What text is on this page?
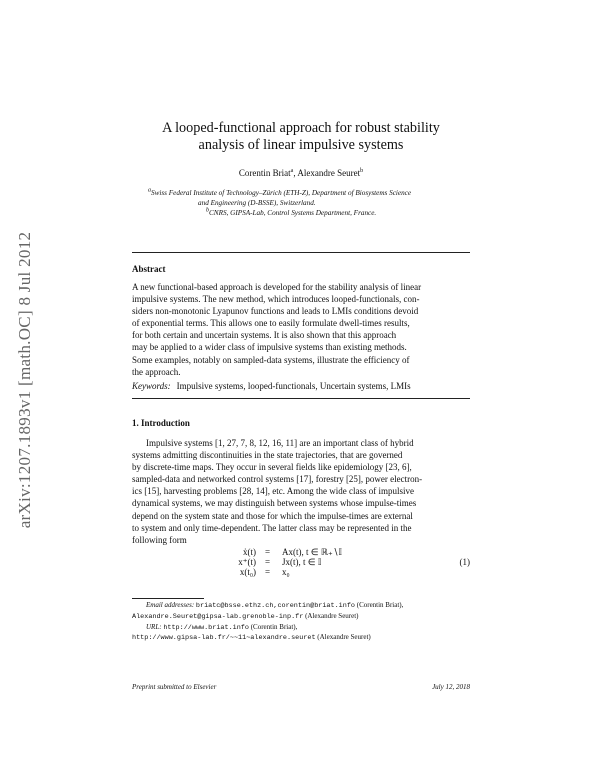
arXiv:1207.1893v1 [math.OC] 8 Jul 2012
A looped-functional approach for robust stability
analysis of linear impulsive systems
Corentin Briat$^a$, Alexandre Seuret$^b$
$^a$Swiss Federal Institute of Technology–Zürich (ETH-Z), Department of Biosystems Science
and Engineering (D-BSSE), Switzerland.
$^b$CNRS, GIPSA-Lab, Control Systems Department, France.
Abstract
A new functional-based approach is developed for the stability analysis of linear
impulsive systems. The new method, which introduces looped-functionals, con-
siders non-monotonic Lyapunov functions and leads to LMIs conditions devoid
of exponential terms. This allows one to easily formulate dwell-times results,
for both certain and uncertain systems. It is also shown that this approach
may be applied to a wider class of impulsive systems than existing methods.
Some examples, notably on sampled-data systems, illustrate the efficiency of
the approach.
Keywords: Impulsive systems, looped-functionals, Uncertain systems, LMIs
1. Introduction
Impulsive systems [1, 27, 7, 8, 12, 16, 11] are an important class of hybrid
systems admitting discontinuities in the state trajectories, that are governed
by discrete-time maps. They occur in several fields like epidemiology [23, 6],
sampled-data and networked control systems [17], forestry [25], power electron-
ics [15], harvesting problems [28, 14], etc. Among the wide class of impulsive
dynamical systems, we may distinguish between systems whose impulse-times
depend on the system state and those for which the impulse-times are external
to system and only time-dependent. The latter class may be represented in the
following form
ẋ(t) = Ax(t), t ∈ ℝ₊∖𝕀
x⁺(t) = Jx(t), t ∈ 𝕀	(1)
x(t₀) = x₀
Email addresses: briatc@bsse.ethz.ch,corentin@briat.info (Corentin Briat),
Alexandre.Seuret@gipsa-lab.grenoble-inp.fr (Alexandre Seuret)
URL: http://www.briat.info (Corentin Briat),
http://www.gipsa-lab.fr/~~11~alexandre.seuret (Alexandre Seuret)
Preprint submitted to Elsevier	July 12, 2018
